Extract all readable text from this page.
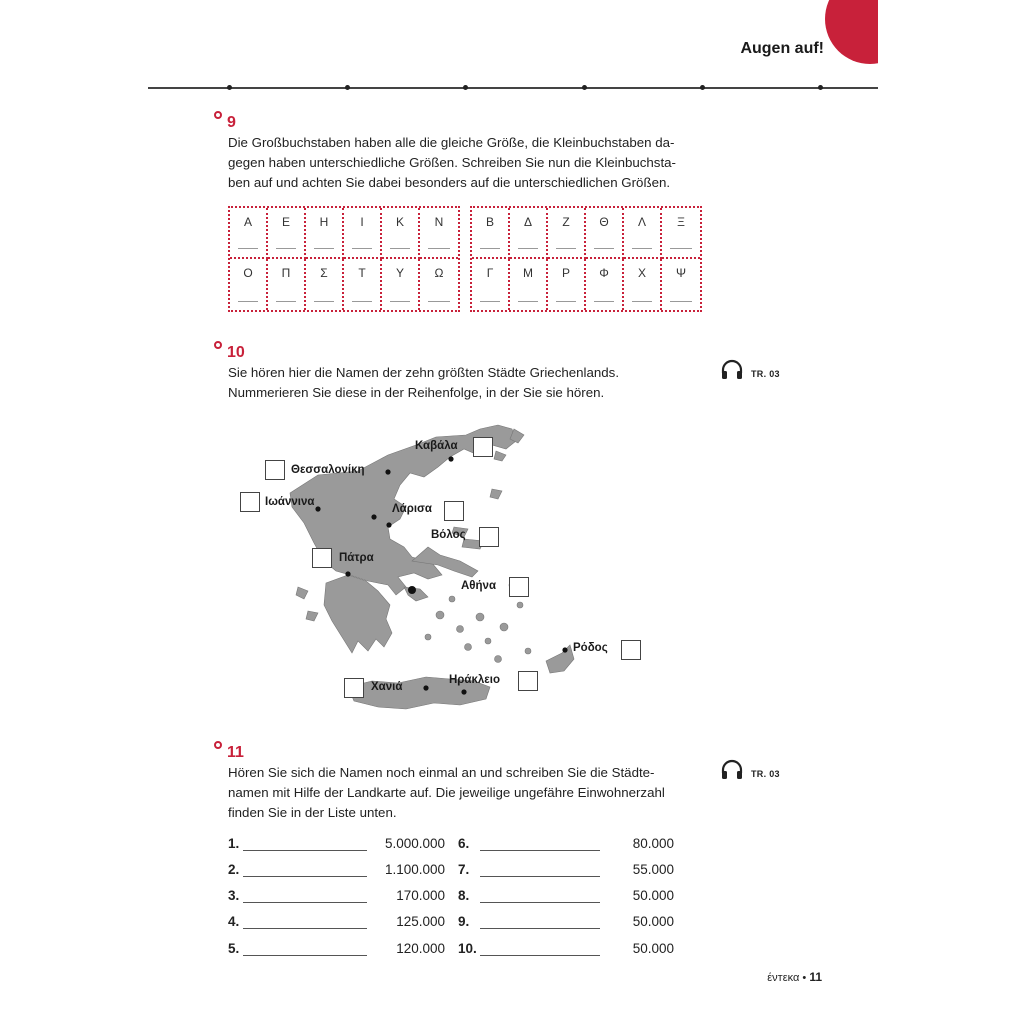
Augen auf!
9
Die Großbuchstaben haben alle die gleiche Größe, die Kleinbuchstaben da-
gegen haben unterschiedliche Größen. Schreiben Sie nun die Kleinbuchsta-
ben auf und achten Sie dabei besonders auf die unterschiedlichen Größen.
Α	Ε	Η	Ι	Κ	Ν
Ο	Π	Σ	Τ	Υ	Ω
Β	Δ	Ζ	Θ	Λ	Ξ
Γ	Μ	Ρ	Φ	Χ	Ψ
10
Sie hören hier die Namen der zehn größten Städte Griechenlands.
Nummerieren Sie diese in der Reihenfolge, in der Sie sie hören.
TR. 03
Καβάλα
Θεσσαλονίκη
Ιωάννινα
Λάρισα
Βόλος
Πάτρα
Αθήνα
Ρόδος
Χανιά
Ηράκλειο
11
Hören Sie sich die Namen noch einmal an und schreiben Sie die Städte-
namen mit Hilfe der Landkarte auf. Die jeweilige ungefähre Einwohnerzahl
finden Sie in der Liste unten.
TR. 03
1.	5.000.000
2.	1.100.000
3.	170.000
4.	125.000
5.	120.000
6.	80.000
7.	55.000
8.	50.000
9.	50.000
10.	50.000
ένтεκα • 11
